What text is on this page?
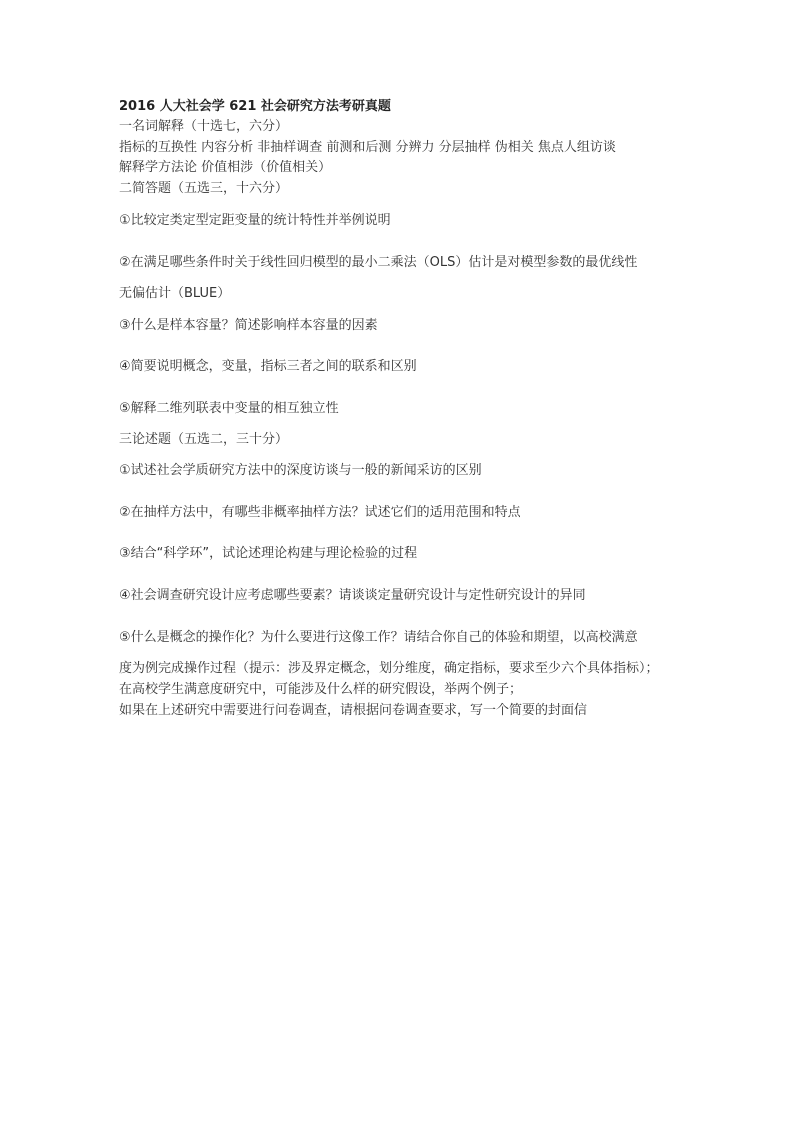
2016 人大社会学 621 社会研究方法考研真题
一名词解释（十选七，六分）
指标的互换性 内容分析 非抽样调查 前测和后测 分辨力 分层抽样 伪相关 焦点人组访谈
解释学方法论 价值相涉（价值相关）
二简答题（五选三，十六分）
①比较定类定型定距变量的统计特性并举例说明
②在满足哪些条件时关于线性回归模型的最小二乘法（OLS）估计是对模型参数的最优线性
无偏估计（BLUE）
③什么是样本容量？简述影响样本容量的因素
④简要说明概念，变量，指标三者之间的联系和区别
⑤解释二维列联表中变量的相互独立性
三论述题（五选二，三十分）
①试述社会学质研究方法中的深度访谈与一般的新闻采访的区别
②在抽样方法中，有哪些非概率抽样方法？试述它们的适用范围和特点
③结合“科学环”，试论述理论构建与理论检验的过程
④社会调查研究设计应考虑哪些要素？请谈谈定量研究设计与定性研究设计的异同
⑤什么是概念的操作化？为什么要进行这像工作？请结合你自己的体验和期望，以高校满意
度为例完成操作过程（提示：涉及界定概念，划分维度，确定指标，要求至少六个具体指标）；
在高校学生满意度研究中，可能涉及什么样的研究假设，举两个例子；
如果在上述研究中需要进行问卷调查，请根据问卷调查要求，写一个简要的封面信
